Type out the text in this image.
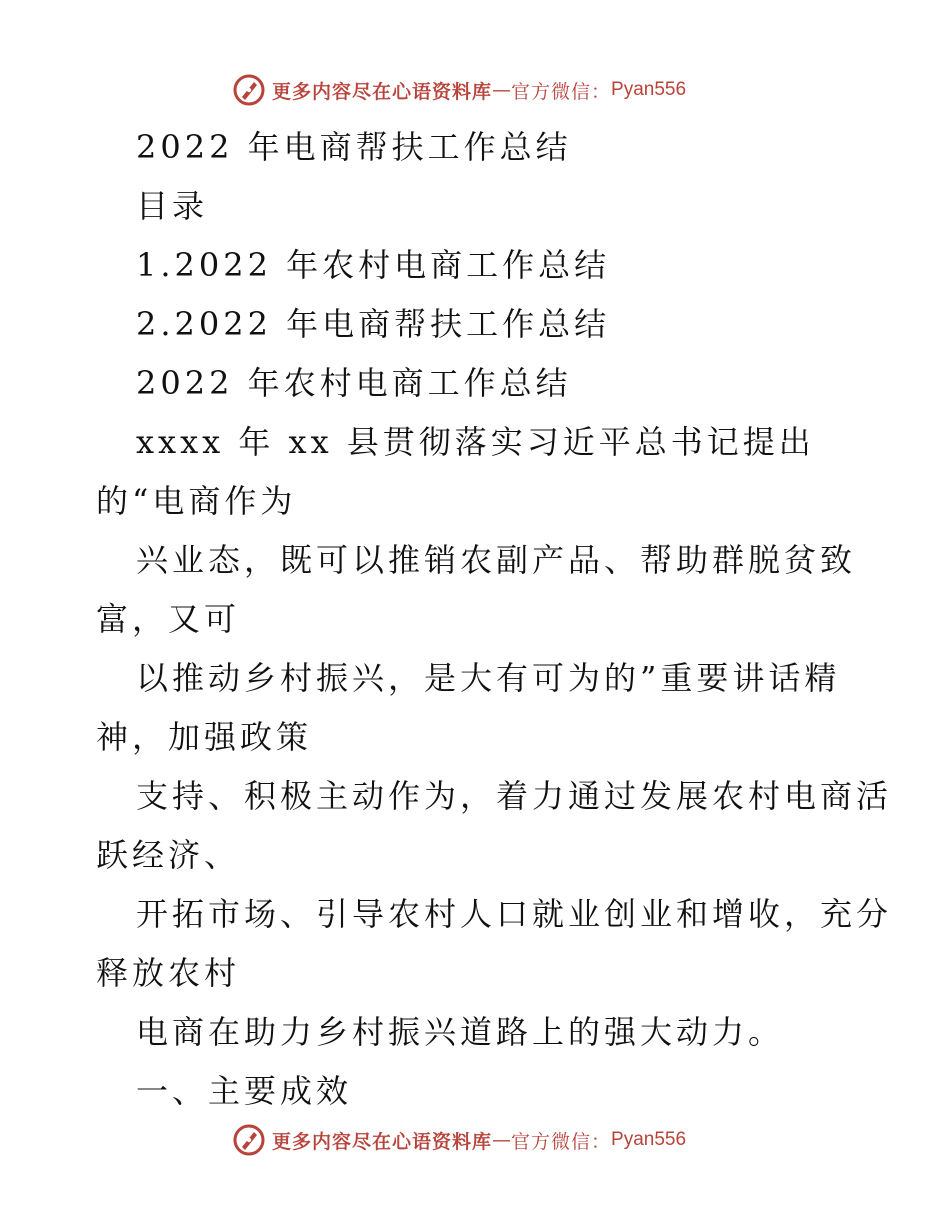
更多内容尽在心语资料库 — 官方微信： Pyan556
2022 年电商帮扶工作总结
目录
1.2022 年农村电商工作总结
2.2022 年电商帮扶工作总结
2022 年农村电商工作总结
xxxx 年 xx 县贯彻落实习近平总书记提出
的“电商作为
兴业态，既可以推销农副产品、帮助群脱贫致
富，又可
以推动乡村振兴，是大有可为的”重要讲话精
神，加强政策
支持、积极主动作为，着力通过发展农村电商活
跃经济、
开拓市场、引导农村人口就业创业和增收，充分
释放农村
电商在助力乡村振兴道路上的强大动力。
一、主要成效
更多内容尽在心语资料库 — 官方微信： Pyan556
